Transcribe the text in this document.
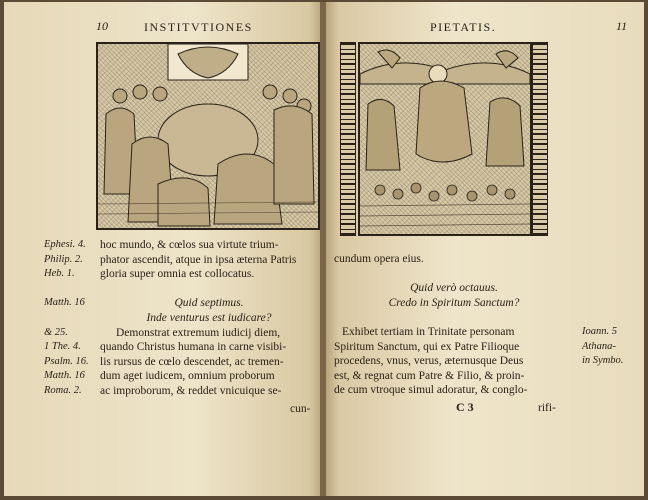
10	INSTITVTIONES
Ephesi. 4.
Philip. 2.
Heb. 1.
Matth. 16
& 25.
1 The. 4.
Psalm. 16.
Matth. 16
Roma. 2.
hoc mundo, & cœlos sua virtute trium-
phator ascendit, atque in ipsa æterna Patris
gloria super omnia est collocatus.
Quid septimus.
Inde venturus est iudicare?
Demonstrat extremum iudicij diem,
quando Christus humana in carne visibi-
lis rursus de cœlo descendet, ac tremen-
dum aget iudicem, omnium proborum
ac improborum, & reddet vnicuique se-
cun-
PIETATIS.	11
cundum opera eius.
Quid verò octauus.
Credo in Spiritum Sanctum?
Exhibet tertiam in Trinitate personam
Spiritum Sanctum, qui ex Patre Filioque
procedens, vnus, verus, æternusque Deus
est, & regnat cum Patre & Filio, & proin-
de cum vtroque simul adoratur, & conglo-
Ioann. 5
Athana-
in Symbo.
C 3	rifi-
